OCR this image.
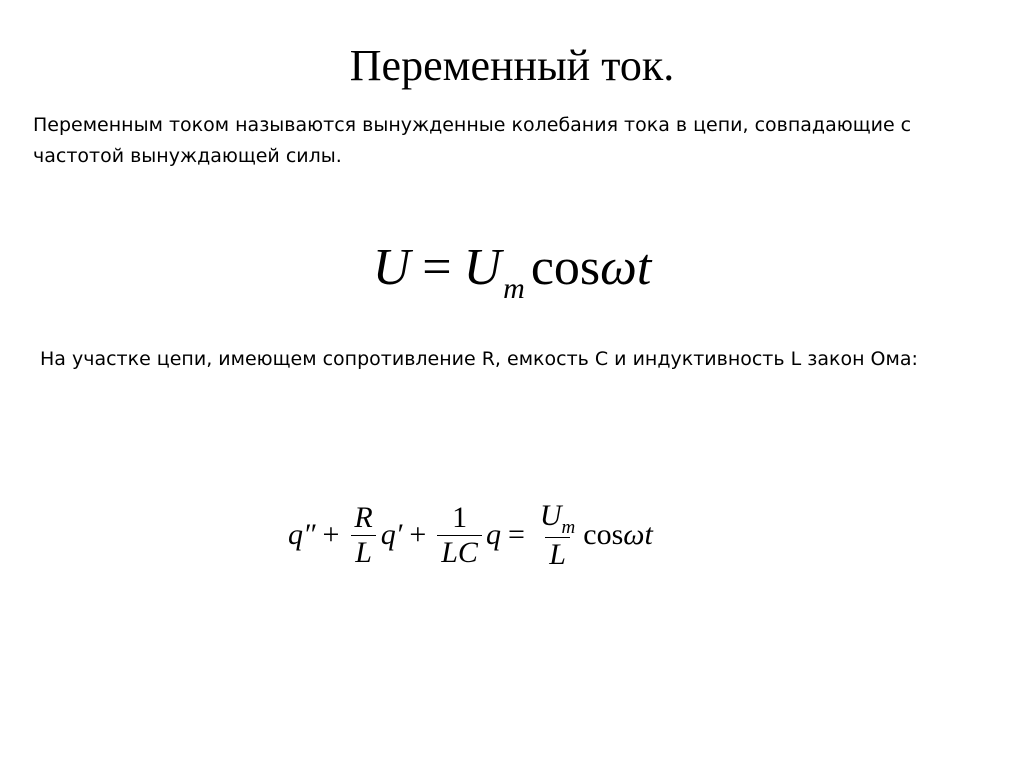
Переменный ток.
Переменным током называются вынужденные колебания тока в цепи, совпадающие с частотой вынуждающей силы.
$U = U_m$ cosωt
На участке цепи, имеющем сопротивление R, емкость C и индуктивность L закон Ома:
$q'' + \frac{R}{L} q' + \frac{1}{LC}$ $q = \frac{U_m}{L}$ cos ωt
